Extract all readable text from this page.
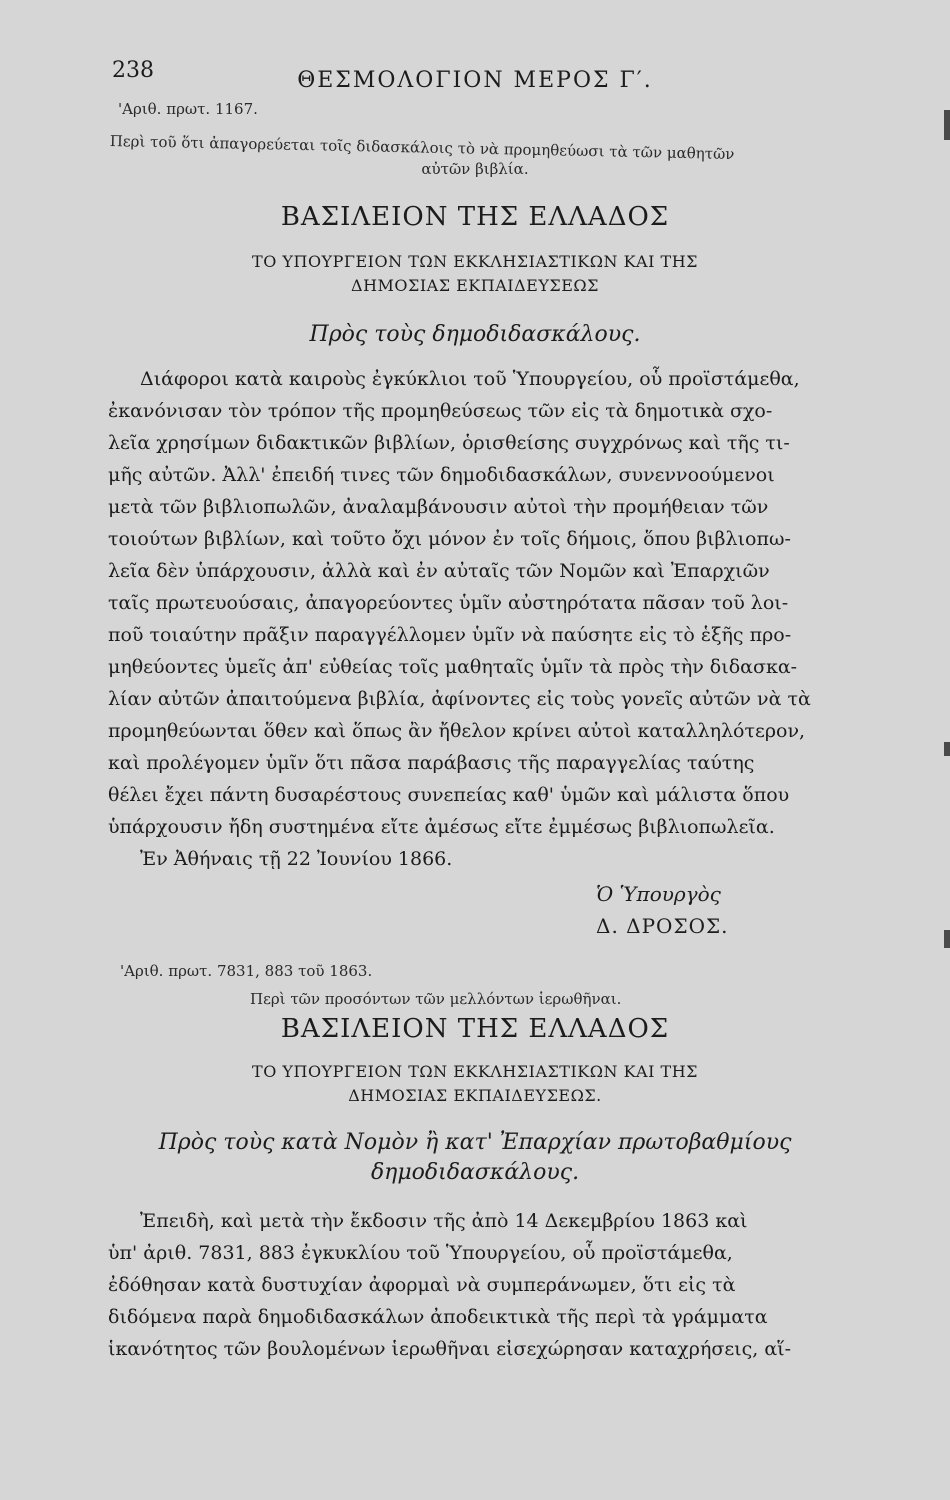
238	ΘΕΣΜΟΛΟΓΙΟΝ ΜΕΡΟΣ Γ′.
'Αριθ. πρωτ. 1167.
Περὶ τοῦ ὅτι ἀπαγορεύεται τοῖς διδασκάλοις τὸ νὰ προμηθεύωσι τὰ τῶν μαθητῶν
αὐτῶν βιβλία.
ΒΑΣΙΛΕΙΟΝ ΤΗΣ ΕΛΛΑΔΟΣ
ΤΟ ΥΠΟΥΡΓΕΙΟΝ ΤΩΝ ΕΚΚΛΗΣΙΑΣΤΙΚΩΝ ΚΑΙ ΤΗΣ
ΔΗΜΟΣΙΑΣ ΕΚΠΑΙΔΕΥΣΕΩΣ
Πρὸς τοὺς δημοδιδασκάλους.
Διάφοροι κατὰ καιροὺς ἐγκύκλιοι τοῦ Ὑπουργείου, οὗ προϊστάμεθα,
ἐκανόνισαν τὸν τρόπον τῆς προμηθεύσεως τῶν εἰς τὰ δημοτικὰ σχο-
λεῖα χρησίμων διδακτικῶν βιβλίων, ὁρισθείσης συγχρόνως καὶ τῆς τι-
μῆς αὐτῶν. Ἀλλ' ἐπειδή τινες τῶν δημοδιδασκάλων, συνεννοούμενοι
μετὰ τῶν βιβλιοπωλῶν, ἀναλαμβάνουσιν αὐτοὶ τὴν προμήθειαν τῶν
τοιούτων βιβλίων, καὶ τοῦτο ὄχι μόνον ἐν τοῖς δήμοις, ὅπου βιβλιοπω-
λεῖα δὲν ὑπάρχουσιν, ἀλλὰ καὶ ἐν αὐταῖς τῶν Νομῶν καὶ Ἐπαρχιῶν
ταῖς πρωτευούσαις, ἀπαγορεύοντες ὑμῖν αὐστηρότατα πᾶσαν τοῦ λοι-
ποῦ τοιαύτην πρᾶξιν παραγγέλλομεν ὑμῖν νὰ παύσητε εἰς τὸ ἑξῆς προ-
μηθεύοντες ὑμεῖς ἀπ' εὐθείας τοῖς μαθηταῖς ὑμῖν τὰ πρὸς τὴν διδασκα-
λίαν αὐτῶν ἀπαιτούμενα βιβλία, ἀφίνοντες εἰς τοὺς γονεῖς αὐτῶν νὰ τὰ
προμηθεύωνται ὅθεν καὶ ὅπως ἂν ἤθελον κρίνει αὐτοὶ καταλληλότερον,
καὶ προλέγομεν ὑμῖν ὅτι πᾶσα παράβασις τῆς παραγγελίας ταύτης
θέλει ἔχει πάντη δυσαρέστους συνεπείας καθ' ὑμῶν καὶ μάλιστα ὅπου
ὑπάρχουσιν ἤδη συστημένα εἴτε ἀμέσως εἴτε ἐμμέσως βιβλιοπωλεῖα.
Ἐν Ἀθήναις τῇ 22 Ἰουνίου 1866.
Ὁ Ὑπουργὸς
Δ. ΔΡΟΣΟΣ.
'Αριθ. πρωτ. 7831, 883 τοῦ 1863.
Περὶ τῶν προσόντων τῶν μελλόντων ἱερωθῆναι.
ΒΑΣΙΛΕΙΟΝ ΤΗΣ ΕΛΛΑΔΟΣ
ΤΟ ΥΠΟΥΡΓΕΙΟΝ ΤΩΝ ΕΚΚΛΗΣΙΑΣΤΙΚΩΝ ΚΑΙ ΤΗΣ
ΔΗΜΟΣΙΑΣ ΕΚΠΑΙΔΕΥΣΕΩΣ.
Πρὸς τοὺς κατὰ Νομὸν ἢ κατ' Ἐπαρχίαν πρωτοβαθμίους
δημοδιδασκάλους.
Ἐπειδὴ, καὶ μετὰ τὴν ἔκδοσιν τῆς ἀπὸ 14 Δεκεμβρίου 1863 καὶ
ὑπ' ἀριθ. 7831, 883 ἐγκυκλίου τοῦ Ὑπουργείου, οὗ προϊστάμεθα,
ἐδόθησαν κατὰ δυστυχίαν ἀφορμαὶ νὰ συμπεράνωμεν, ὅτι εἰς τὰ
διδόμενα παρὰ δημοδιδασκάλων ἀποδεικτικὰ τῆς περὶ τὰ γράμματα
ἱκανότητος τῶν βουλομένων ἱερωθῆναι εἰσεχώρησαν καταχρήσεις, αἵ-
